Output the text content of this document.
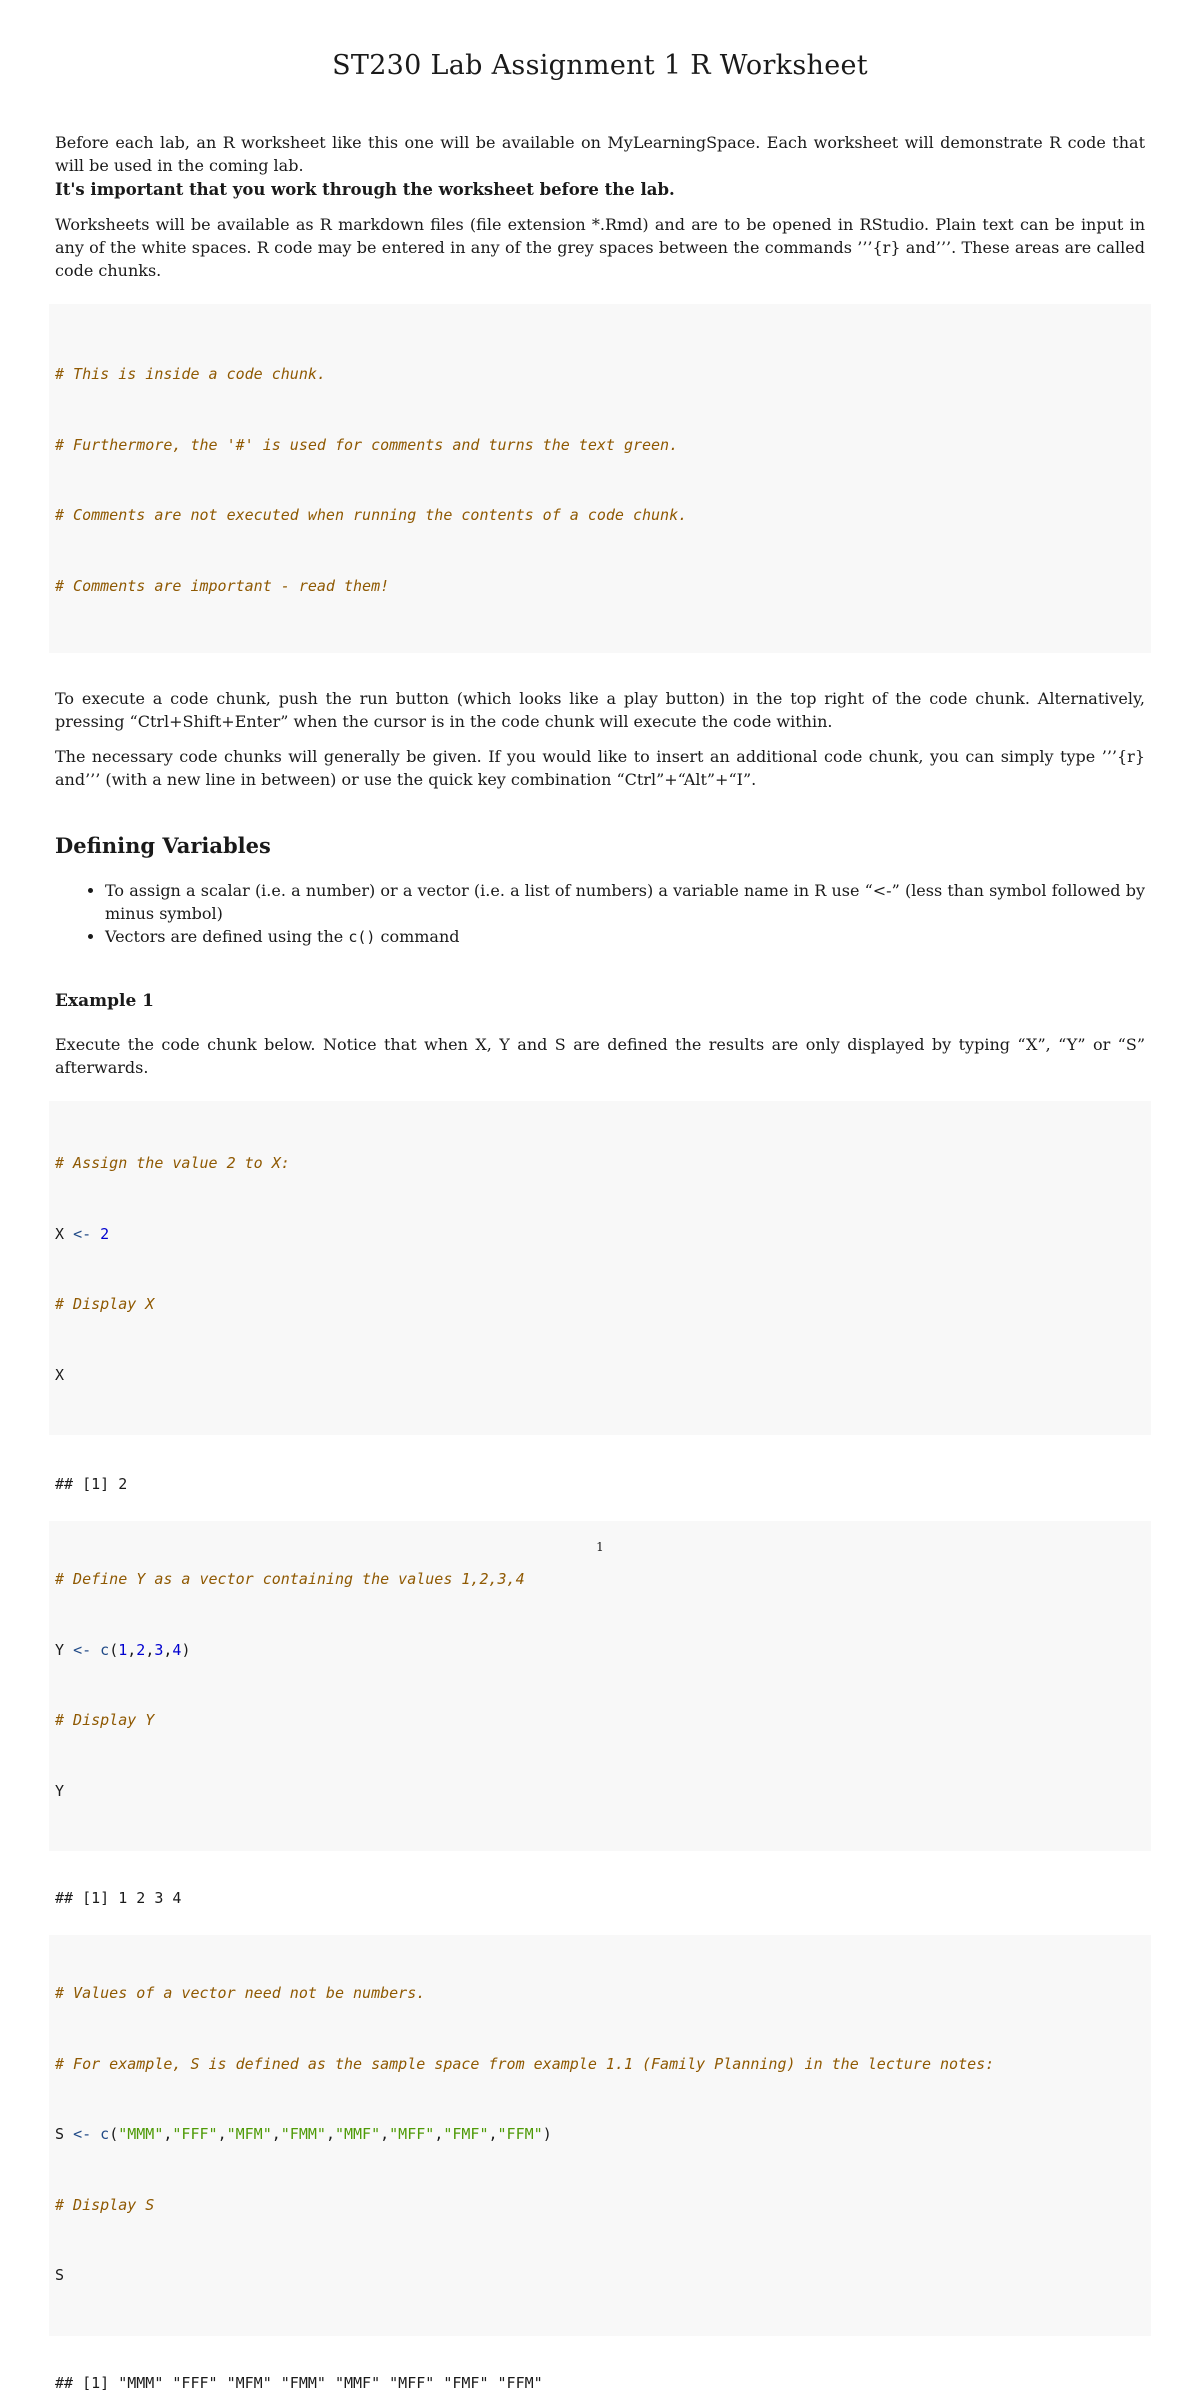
ST230 Lab Assignment 1 R Worksheet

Before each lab, an R worksheet like this one will be available on MyLearningSpace. Each worksheet will demonstrate R code that will be used in the coming lab.

It's important that you work through the worksheet before the lab.

Worksheets will be available as R markdown files (file extension *.Rmd) and are to be opened in RStudio. Plain text can be input in any of the white spaces. R code may be entered in any of the grey spaces between the commands ’’’{r} and’’’. These areas are called code chunks.

# This is inside a code chunk.

# Furthermore, the '#' is used for comments and turns the text green.

# Comments are not executed when running the contents of a code chunk.

# Comments are important - read them!

To execute a code chunk, push the run button (which looks like a play button) in the top right of the code chunk. Alternatively, pressing “Ctrl+Shift+Enter” when the cursor is in the code chunk will execute the code within.

The necessary code chunks will generally be given. If you would like to insert an additional code chunk, you can simply type ’’’{r} and’’’ (with a new line in between) or use the quick key combination “Ctrl”+“Alt”+“I”.

Defining Variables
• To assign a scalar (i.e. a number) or a vector (i.e. a list of numbers) a variable name in R use “<-” (less than symbol followed by minus symbol)
• Vectors are defined using the c() command
Example 1

Execute the code chunk below. Notice that when X, Y and S are defined the results are only displayed by typing “X”, “Y” or “S” afterwards.

# Assign the value 2 to X:

X <- 2

# Display X

X

## [1] 2

# Define Y as a vector containing the values 1,2,3,4

Y <- c(1,2,3,4)

# Display Y

Y

## [1] 1 2 3 4

# Values of a vector need not be numbers.

# For example, S is defined as the sample space from example 1.1 (Family Planning) in the lecture notes:

S <- c("MMM","FFF","MFM","FMM","MMF","MFF","FMF","FFM")

# Display S

S

## [1] "MMM" "FFF" "MFM" "FMM" "MMF" "MFF" "FMF" "FFM"
1
